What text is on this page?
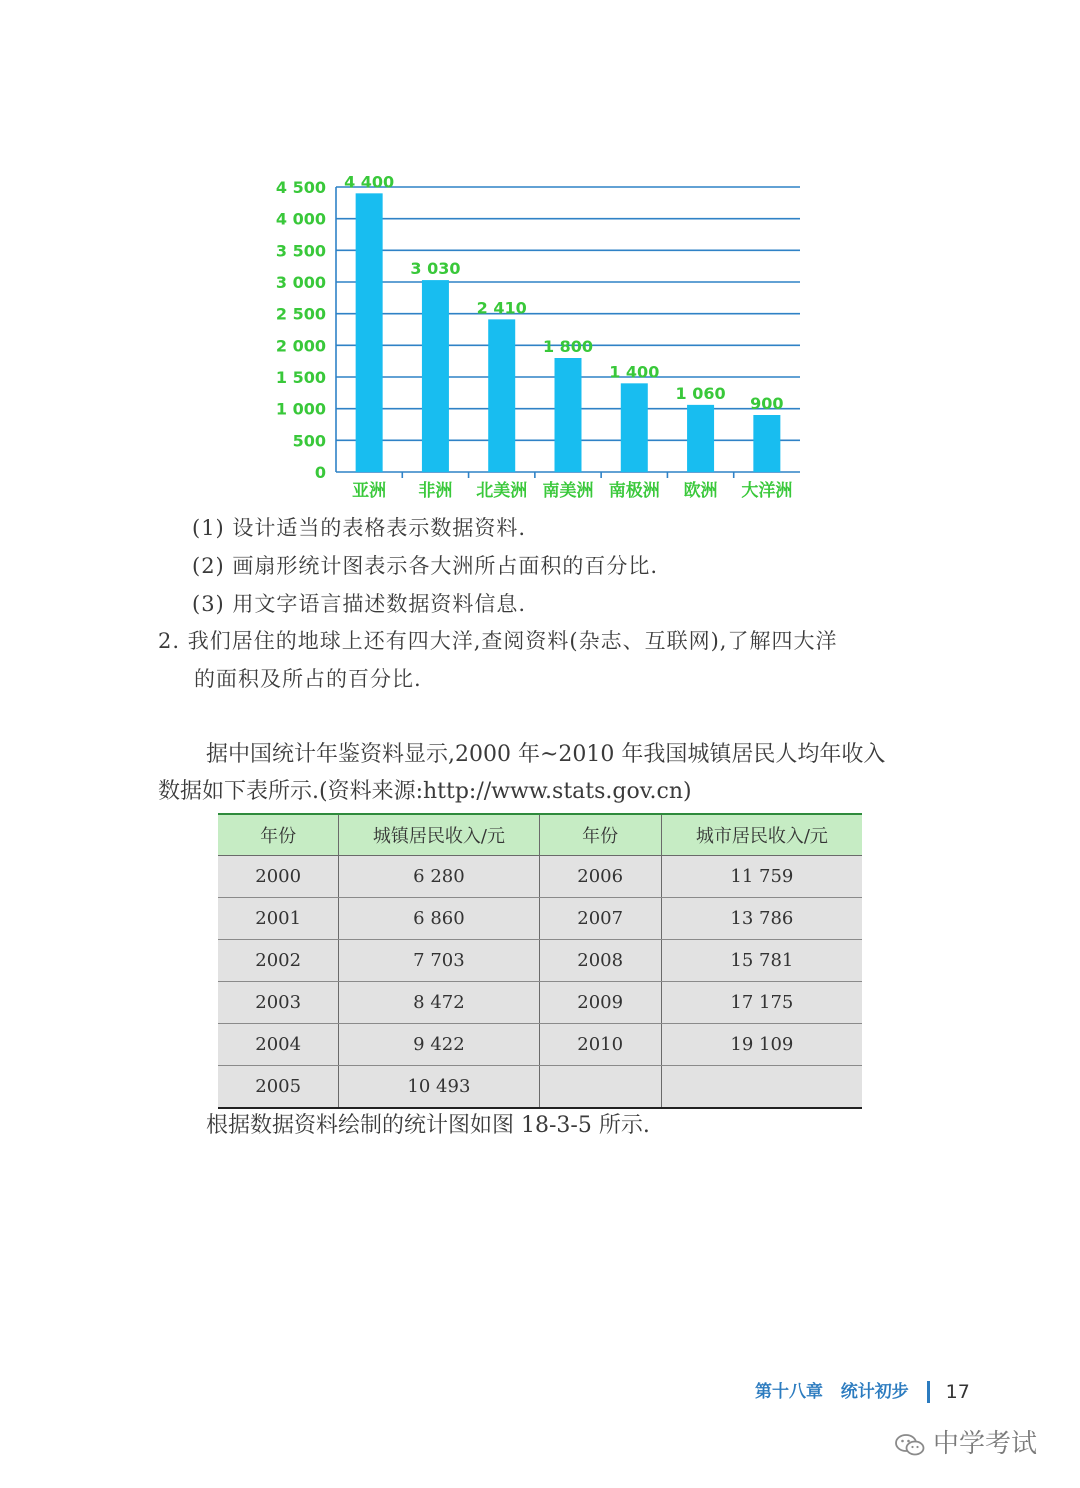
0
500
1 000
1 500
2 000
2 500
3 000
3 500
4 000
4 500 4 400
亚洲
3 030
非洲
2 410
北美洲
1 800
南美洲
1 400
南极洲
1 060
欧洲
900
大洋洲
(1) 设计适当的表格表示数据资料.
(2) 画扇形统计图表示各大洲所占面积的百分比.
(3) 用文字语言描述数据资料信息.
2. 我们居住的地球上还有四大洋,查阅资料(杂志、互联网),了解四大洋
的面积及所占的百分比.
据中国统计年鉴资料显示,2000 年~2010 年我国城镇居民人均年收入
数据如下表所示.(资料来源:http://www.stats.gov.cn)
年份	城镇居民收入/元	年份	城市居民收入/元
2000	6 280	2006	11 759
2001	6 860	2007	13 786
2002	7 703	2008	15 781
2003	8 472	2009	17 175
2004	9 422	2010	19 109
2005	10 493		
根据数据资料绘制的统计图如图 18-3-5 所示.
第十八章 统计初步 17
中学考试
